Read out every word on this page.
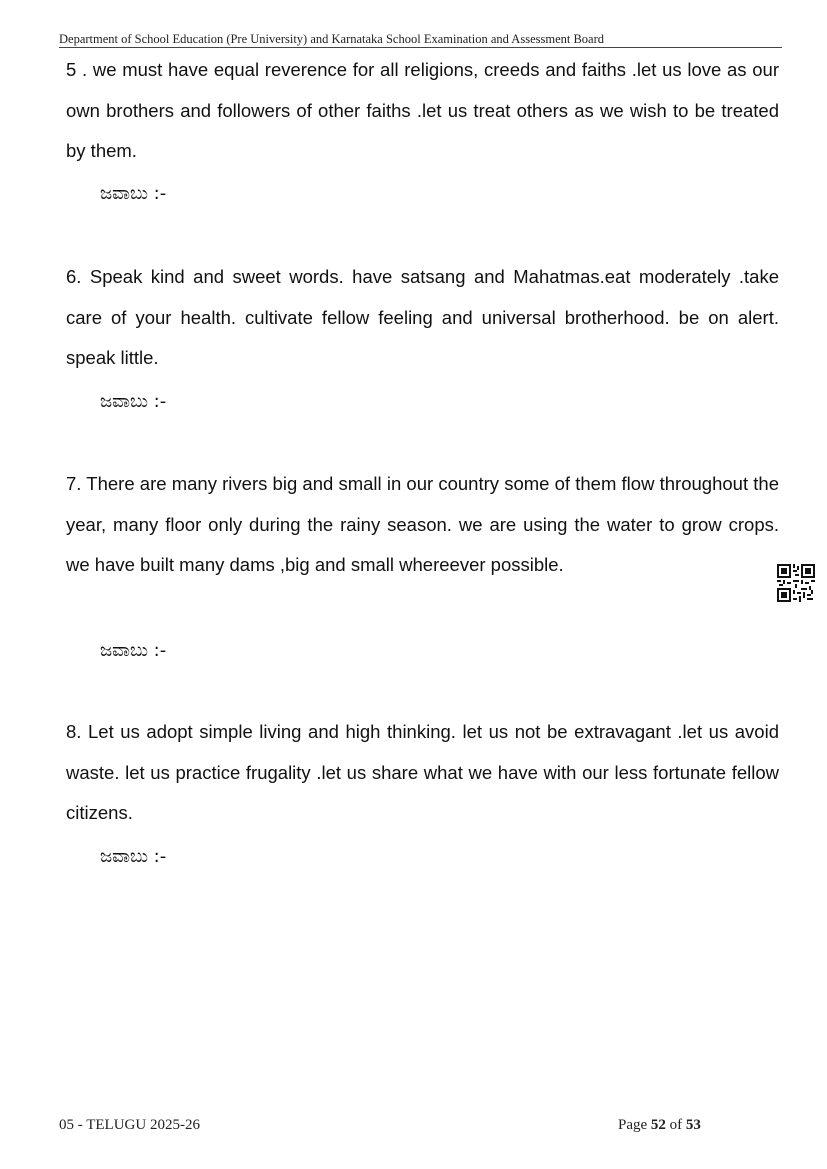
Department of School Education (Pre University) and Karnataka School Examination and Assessment Board
5 . we must have equal reverence for all religions, creeds and faiths .let us love as our own brothers and followers of other faiths .let us treat others as we wish to be treated by them.
ಜವಾಬು :-
6. Speak kind and sweet words. have satsang and Mahatmas.eat moderately .take care of your health. cultivate fellow feeling and universal brotherhood. be on alert. speak little.
ಜವಾಬು :-
7. There are many rivers big and small in our country some of them flow throughout the year, many floor only during the rainy season. we are using the water to grow crops. we have built many dams ,big and small whereever possible.
ಜವಾಬು :-
8. Let us adopt simple living and high thinking. let us not be extravagant .let us avoid waste. let us practice frugality .let us share what we have with our less fortunate fellow citizens.
ಜವಾಬು :-
05 - TELUGU 2025-26	Page 52 of 53
